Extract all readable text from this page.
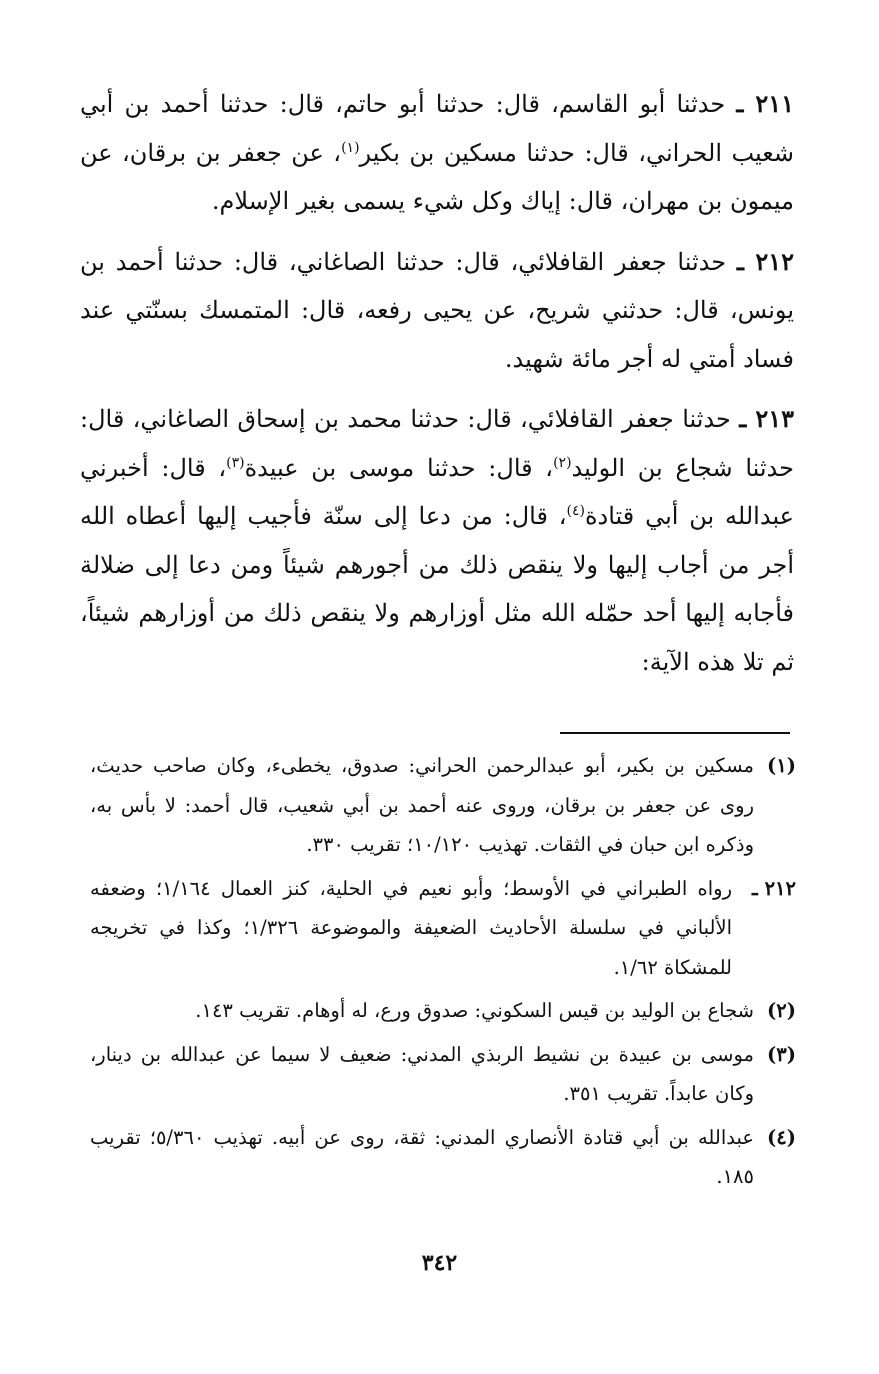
٢١١ ـ حدثنا أبو القاسم، قال: حدثنا أبو حاتم، قال: حدثنا أحمد بن أبي شعيب الحراني، قال: حدثنا مسكين بن بكير$^{(١)}$، عن جعفر بن برقان، عن ميمون بن مهران، قال: إياك وكل شيء يسمى بغير الإسلام.

٢١٢ ـ حدثنا جعفر القافلائي، قال: حدثنا الصاغاني، قال: حدثنا أحمد بن يونس، قال: حدثني شريح، عن يحيى رفعه، قال: المتمسك بسنّتي عند فساد أمتي له أجر مائة شهيد.

٢١٣ ـ حدثنا جعفر القافلائي، قال: حدثنا محمد بن إسحاق الصاغاني، قال: حدثنا شجاع بن الوليد$^{(٢)}$، قال: حدثنا موسى بن عبيدة$^{(٣)}$، قال: أخبرني عبدالله بن أبي قتادة$^{(٤)}$، قال: من دعا إلى سنّة فأجيب إليها أعطاه الله أجر من أجاب إليها ولا ينقص ذلك من أجورهم شيئاً ومن دعا إلى ضلالة فأجابه إليها أحد حمّله الله مثل أوزارهم ولا ينقص ذلك من أوزارهم شيئاً، ثم تلا هذه الآية:

(١)مسكين بن بكير، أبو عبدالرحمن الحراني: صدوق، يخطىء، وكان صاحب حديث، روى عن جعفر بن برقان، وروى عنه أحمد بن أبي شعيب، قال أحمد: لا بأس به، وذكره ابن حبان في الثقات. تهذيب ١٠/١٢٠؛ تقريب ٣٣٠.

٢١٢ ـرواه الطبراني في الأوسط؛ وأبو نعيم في الحلية، كنز العمال ١/١٦٤؛ وضعفه الألباني في سلسلة الأحاديث الضعيفة والموضوعة ١/٣٢٦؛ وكذا في تخريجه للمشكاة ١/٦٢.

(٢)شجاع بن الوليد بن قيس السكوني: صدوق ورع، له أوهام. تقريب ١٤٣.

(٣)موسى بن عبيدة بن نشيط الربذي المدني: ضعيف لا سيما عن عبدالله بن دينار، وكان عابداً. تقريب ٣٥١.

(٤)عبدالله بن أبي قتادة الأنصاري المدني: ثقة، روى عن أبيه. تهذيب ٥/٣٦٠؛ تقريب ١٨٥.

٣٤٢
